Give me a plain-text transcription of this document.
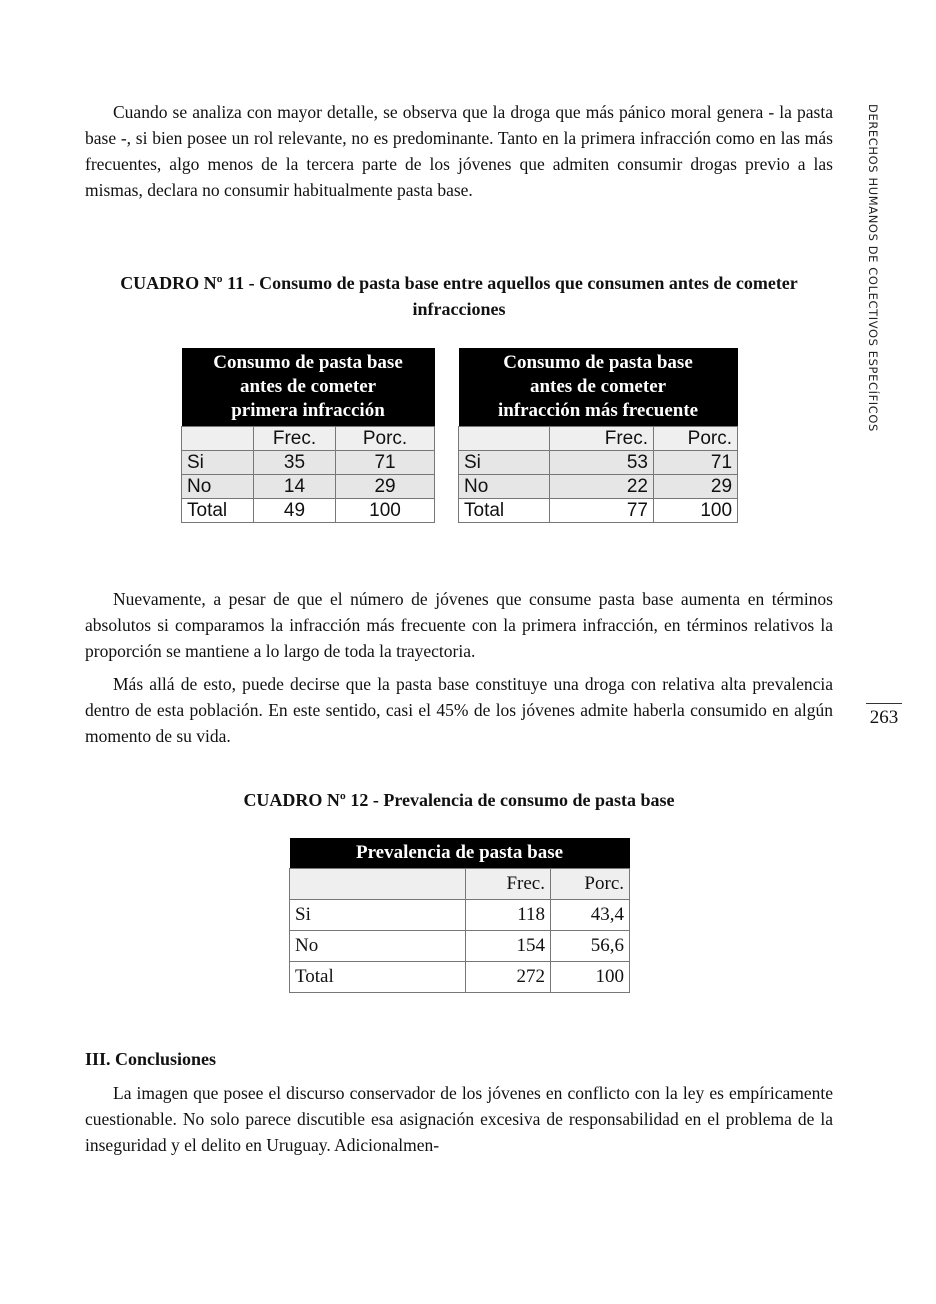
DERECHOS HUMANOS DE COLECTIVOS ESPECÍFICOS
263

Cuando se analiza con mayor detalle, se observa que la droga que más pánico moral genera - la pasta base -, si bien posee un rol relevante, no es predominante. Tanto en la primera infracción como en las más frecuentes, algo menos de la tercera parte de los jóvenes que admiten consumir drogas previo a las mismas, declara no consumir habitualmente pasta base.

CUADRO Nº 11 - Consumo de pasta base entre aquellos que consumen antes de cometer infracciones

Consumo de pasta base
antes de cometer
primera infracción		

	Frec.	Porc.
Si	35	71
No	14	29
Total	49	100
Consumo de pasta base
antes de cometer
infracción más frecuente		

	Frec.	Porc.
Si	53	71
No	22	29
Total	77	100

Nuevamente, a pesar de que el número de jóvenes que consume pasta base aumenta en términos absolutos si comparamos la infracción más frecuente con la primera infracción, en términos relativos la proporción se mantiene a lo largo de toda la trayectoria.

Más allá de esto, puede decirse que la pasta base constituye una droga con relativa alta prevalencia dentro de esta población. En este sentido, casi el 45% de los jóvenes admite haberla consumido en algún momento de su vida.

CUADRO Nº 12 - Prevalencia de consumo de pasta base

Prevalencia de pasta base		

	Frec.	Porc.
Si	118	43,4
No	154	56,6
Total	272	100
III. Conclusiones

La imagen que posee el discurso conservador de los jóvenes en conflicto con la ley es empíricamente cuestionable. No solo parece discutible esa asignación excesiva de responsabilidad en el problema de la inseguridad y el delito en Uruguay. Adicionalmen-
